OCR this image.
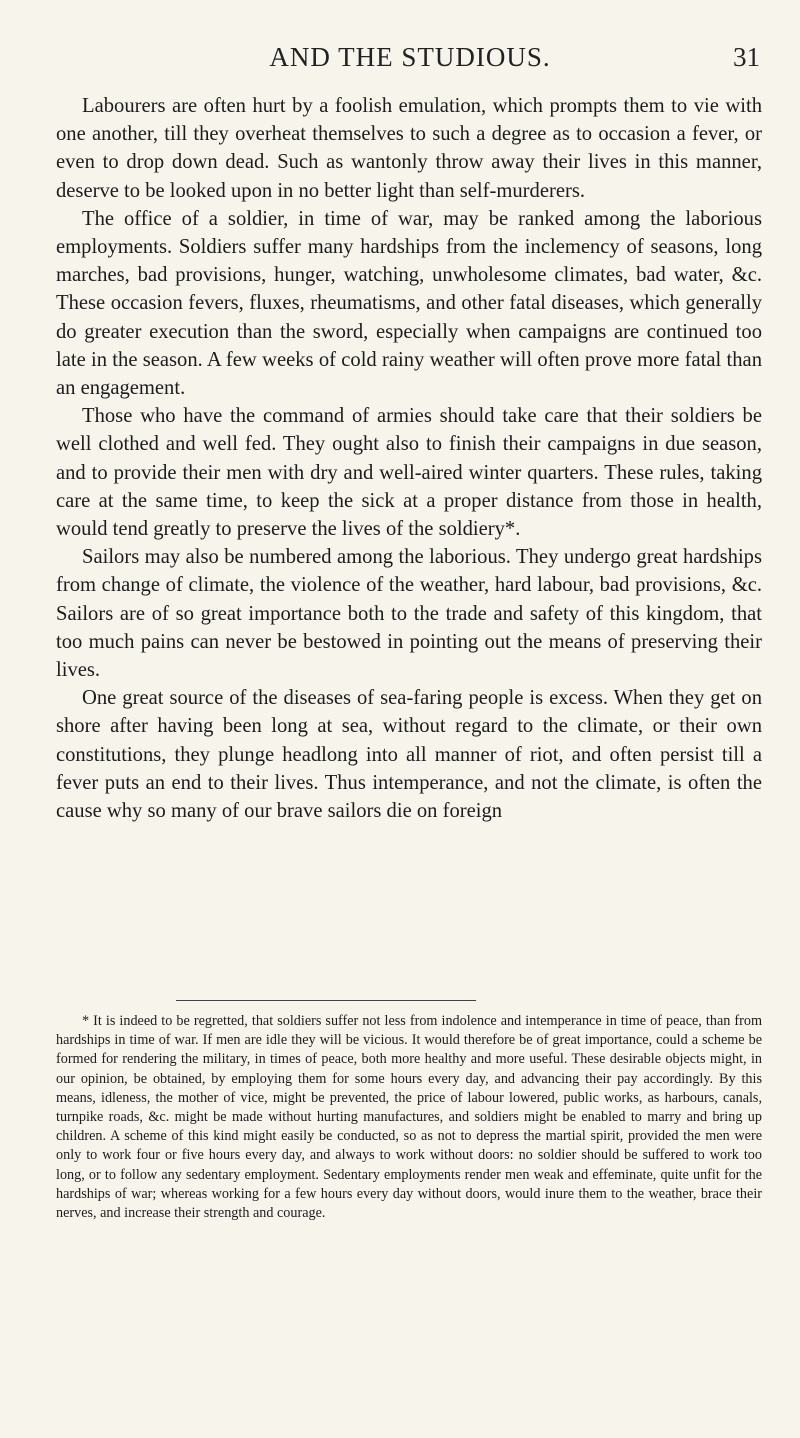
AND THE STUDIOUS.	31

Labourers are often hurt by a foolish emulation, which prompts them to vie with one another, till they overheat themselves to such a degree as to occasion a fever, or even to drop down dead. Such as wantonly throw away their lives in this manner, deserve to be looked upon in no better light than self-murderers.

The office of a soldier, in time of war, may be ranked among the laborious employments. Soldiers suffer many hardships from the inclemency of seasons, long marches, bad provisions, hunger, watching, unwholesome climates, bad water, &c. These occasion fevers, fluxes, rheumatisms, and other fatal diseases, which generally do greater execution than the sword, especially when campaigns are continued too late in the season. A few weeks of cold rainy weather will often prove more fatal than an engagement.

Those who have the command of armies should take care that their soldiers be well clothed and well fed. They ought also to finish their campaigns in due season, and to provide their men with dry and well-aired winter quarters. These rules, taking care at the same time, to keep the sick at a proper distance from those in health, would tend greatly to preserve the lives of the soldiery*.

Sailors may also be numbered among the laborious. They undergo great hardships from change of climate, the violence of the weather, hard labour, bad provisions, &c. Sailors are of so great importance both to the trade and safety of this kingdom, that too much pains can never be bestowed in pointing out the means of preserving their lives.

One great source of the diseases of sea-faring people is excess. When they get on shore after having been long at sea, without regard to the climate, or their own constitutions, they plunge headlong into all manner of riot, and often persist till a fever puts an end to their lives. Thus intemperance, and not the climate, is often the cause why so many of our brave sailors die on foreign

* It is indeed to be regretted, that soldiers suffer not less from indolence and intemperance in time of peace, than from hardships in time of war. If men are idle they will be vicious. It would therefore be of great importance, could a scheme be formed for rendering the military, in times of peace, both more healthy and more useful. These desirable objects might, in our opinion, be obtained, by employing them for some hours every day, and advancing their pay accordingly. By this means, idleness, the mother of vice, might be prevented, the price of labour lowered, public works, as harbours, canals, turnpike roads, &c. might be made without hurting manufactures, and soldiers might be enabled to marry and bring up children. A scheme of this kind might easily be conducted, so as not to depress the martial spirit, provided the men were only to work four or five hours every day, and always to work without doors: no soldier should be suffered to work too long, or to follow any sedentary employment. Sedentary employments render men weak and effeminate, quite unfit for the hardships of war; whereas working for a few hours every day without doors, would inure them to the weather, brace their nerves, and increase their strength and courage.
